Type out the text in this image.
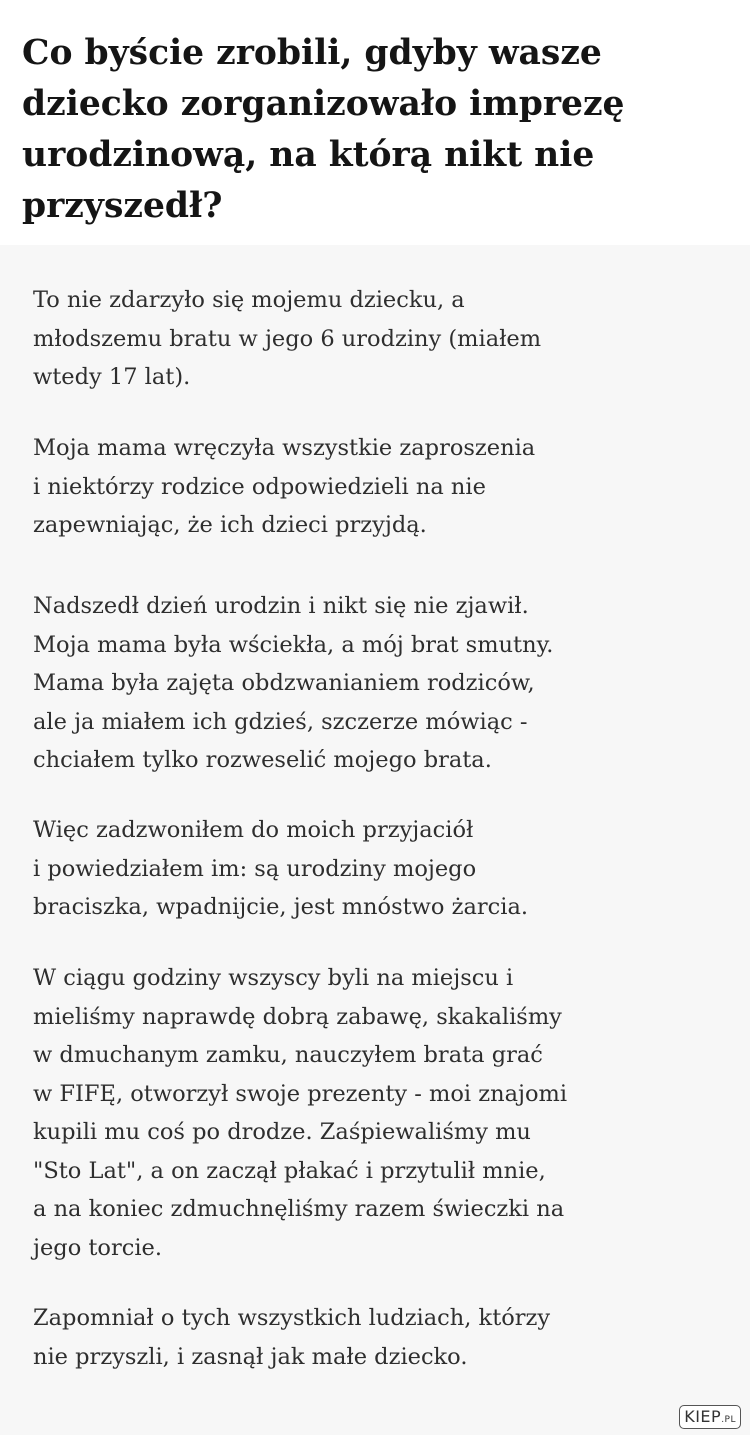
Co byście zrobili, gdyby wasze
dziecko zorganizowało imprezę
urodzinową, na którą nikt nie
przyszedł?

To nie zdarzyło się mojemu dziecku, a
młodszemu bratu w jego 6 urodziny (miałem
wtedy 17 lat).

Moja mama wręczyła wszystkie zaproszenia
i niektórzy rodzice odpowiedzieli na nie
zapewniając, że ich dzieci przyjdą.

Nadszedł dzień urodzin i nikt się nie zjawił.
Moja mama była wściekła, a mój brat smutny.
Mama była zajęta obdzwanianiem rodziców,
ale ja miałem ich gdzieś, szczerze mówiąc -
chciałem tylko rozweselić mojego brata.

Więc zadzwoniłem do moich przyjaciół
i powiedziałem im: są urodziny mojego
braciszka, wpadnijcie, jest mnóstwo żarcia.

W ciągu godziny wszyscy byli na miejscu i
mieliśmy naprawdę dobrą zabawę, skakaliśmy
w dmuchanym zamku, nauczyłem brata grać
w FIFĘ, otworzył swoje prezenty - moi znajomi
kupili mu coś po drodze. Zaśpiewaliśmy mu
"Sto Lat", a on zaczął płakać i przytulił mnie,
a na koniec zdmuchnęliśmy razem świeczki na
jego torcie.

Zapomniał o tych wszystkich ludziach, którzy
nie przyszli, i zasnął jak małe dziecko.

KIEP.PL
